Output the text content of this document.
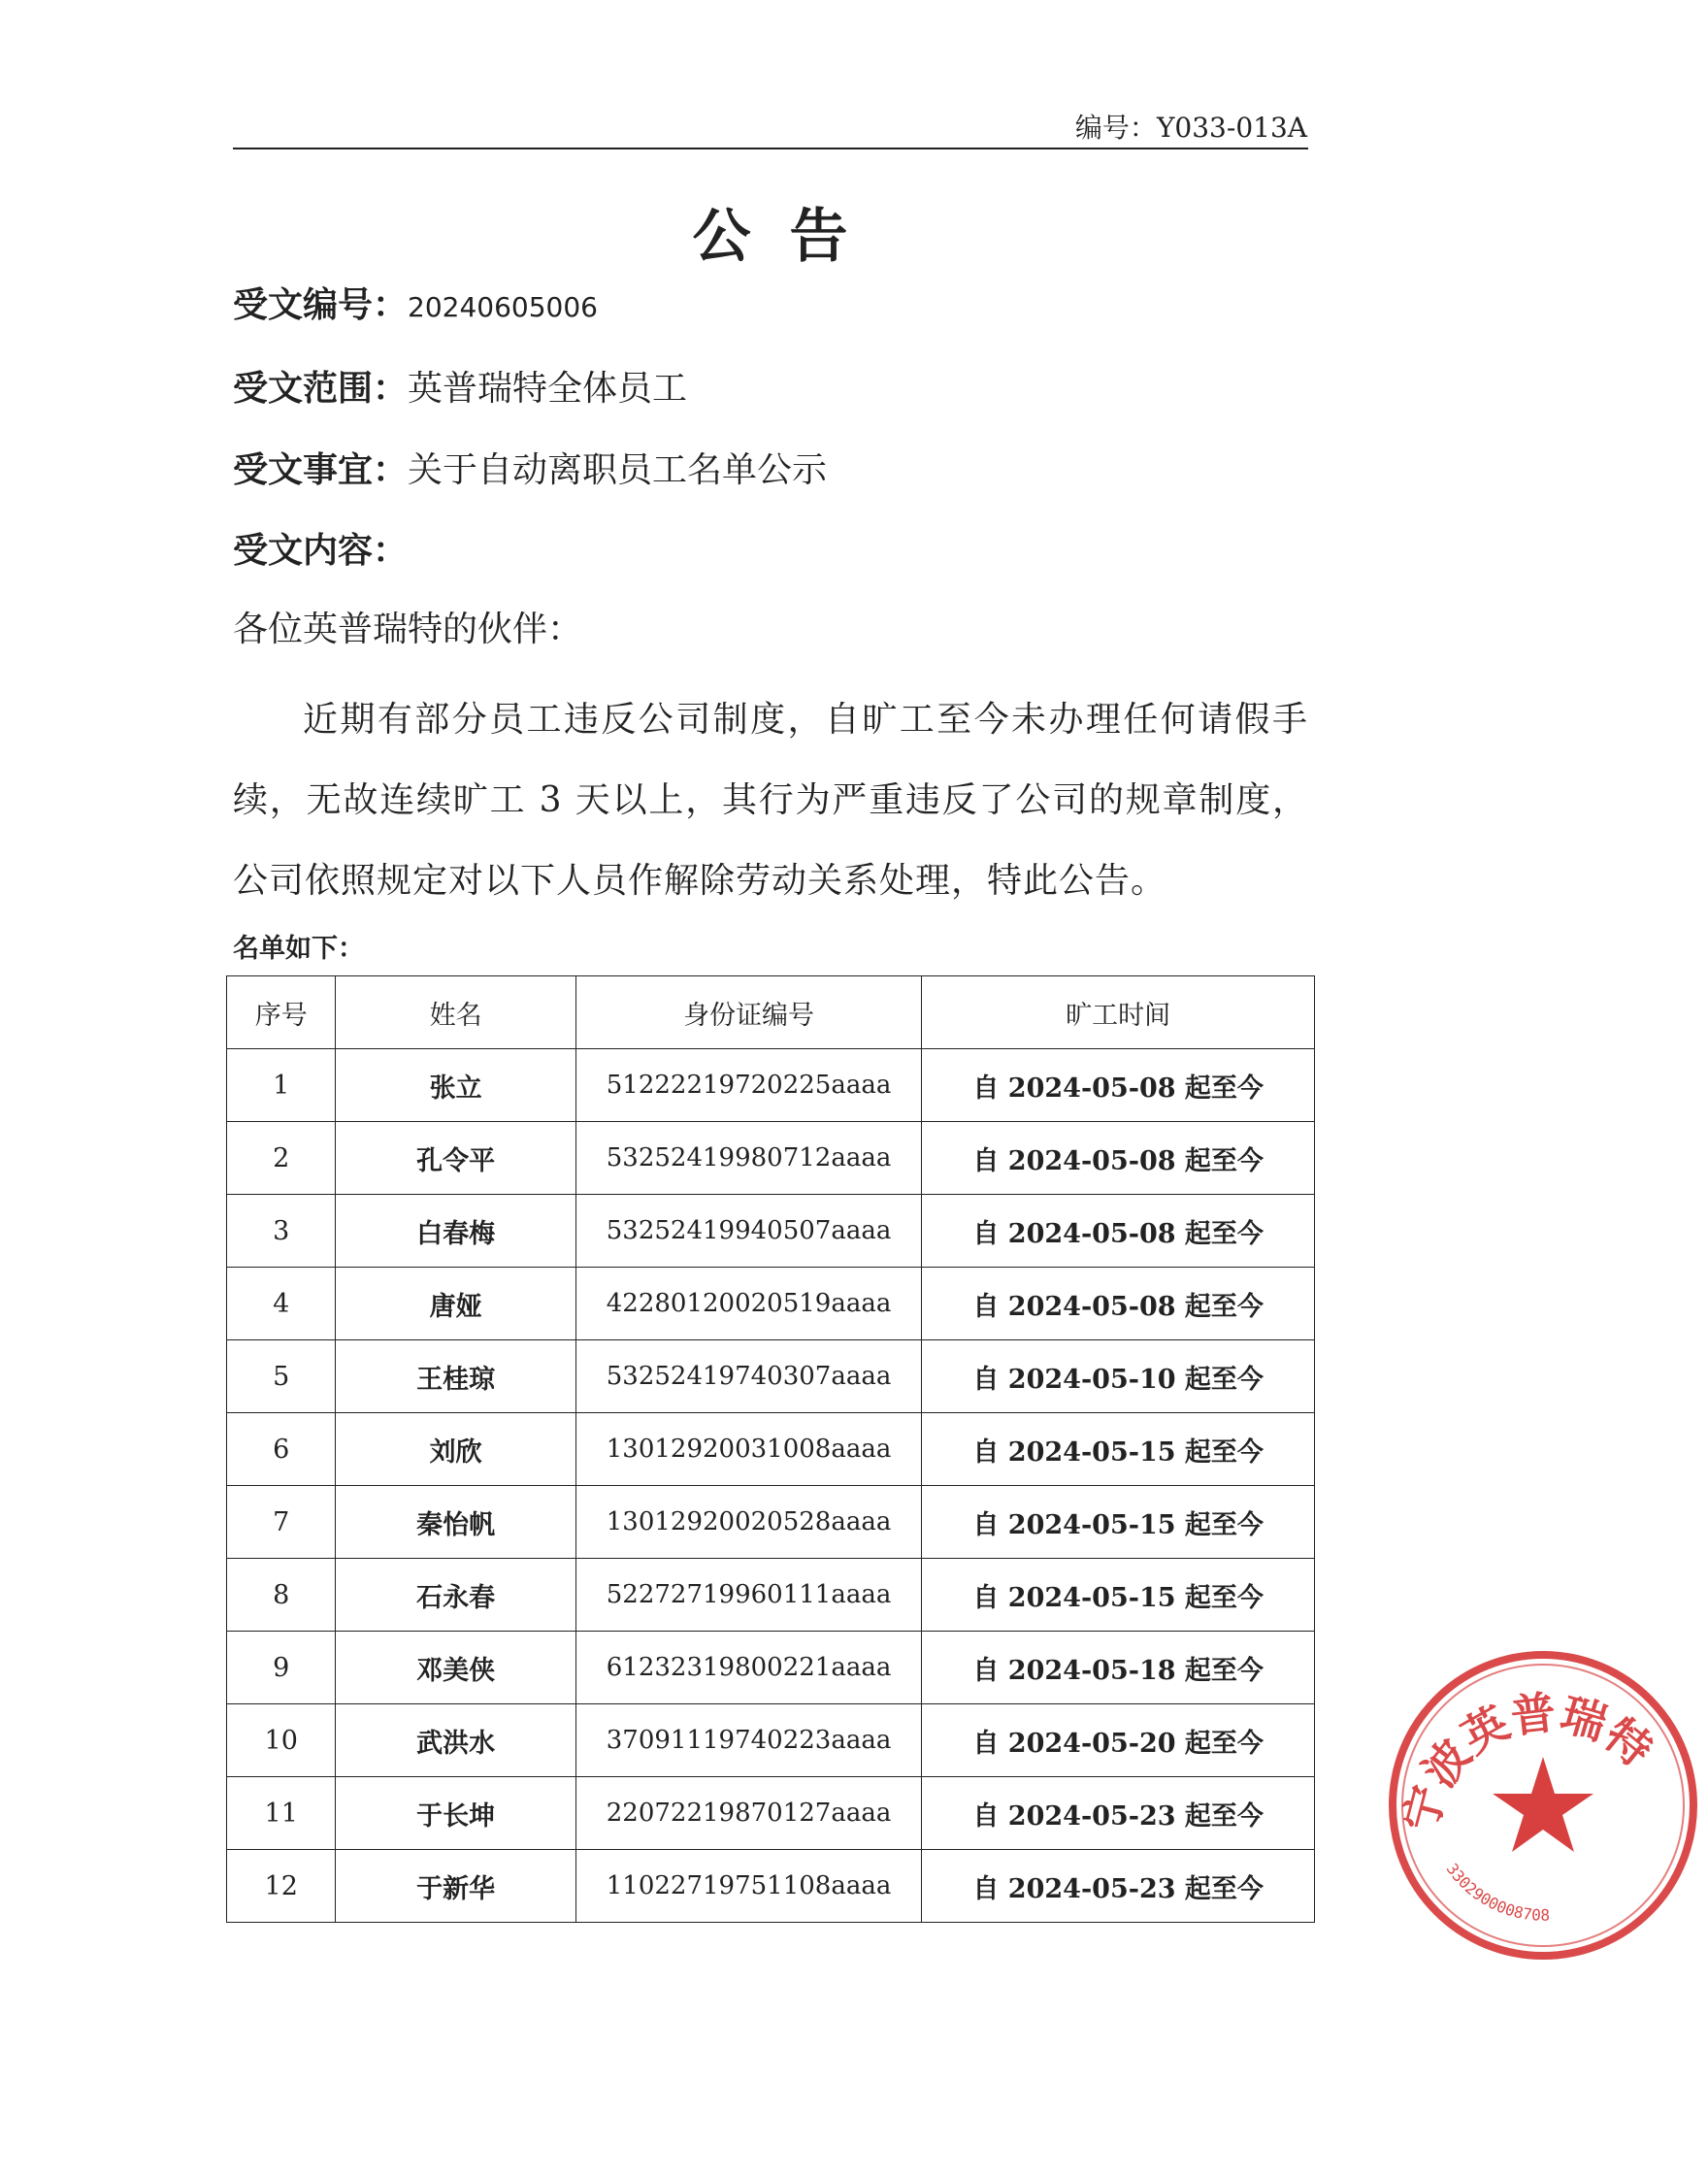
编号：Y033-013A
公告
受文编号：20240605006
受文范围：英普瑞特全体员工
受文事宜：关于自动离职员工名单公示
受文内容：
各位英普瑞特的伙伴：
近期有部分员工违反公司制度，自旷工至今未办理任何请假手续，无故连续旷工 3 天以上，其行为严重违反了公司的规章制度，公司依照规定对以下人员作解除劳动关系处理，特此公告。
名单如下：
序号	姓名	身份证编号	旷工时间
1	张立	51222219720225aaaa	自 2024-05-08 起至今
2	孔令平	53252419980712aaaa	自 2024-05-08 起至今
3	白春梅	53252419940507aaaa	自 2024-05-08 起至今
4	唐娅	42280120020519aaaa	自 2024-05-08 起至今
5	王桂琼	53252419740307aaaa	自 2024-05-10 起至今
6	刘欣	13012920031008aaaa	自 2024-05-15 起至今
7	秦怡帆	13012920020528aaaa	自 2024-05-15 起至今
8	石永春	52272719960111aaaa	自 2024-05-15 起至今
9	邓美侠	61232319800221aaaa	自 2024-05-18 起至今
10	武洪水	37091119740223aaaa	自 2024-05-20 起至今
11	于长坤	22072219870127aaaa	自 2024-05-23 起至今
12	于新华	11022719751108aaaa	自 2024-05-23 起至今
宁波英普瑞特
3302900008708
